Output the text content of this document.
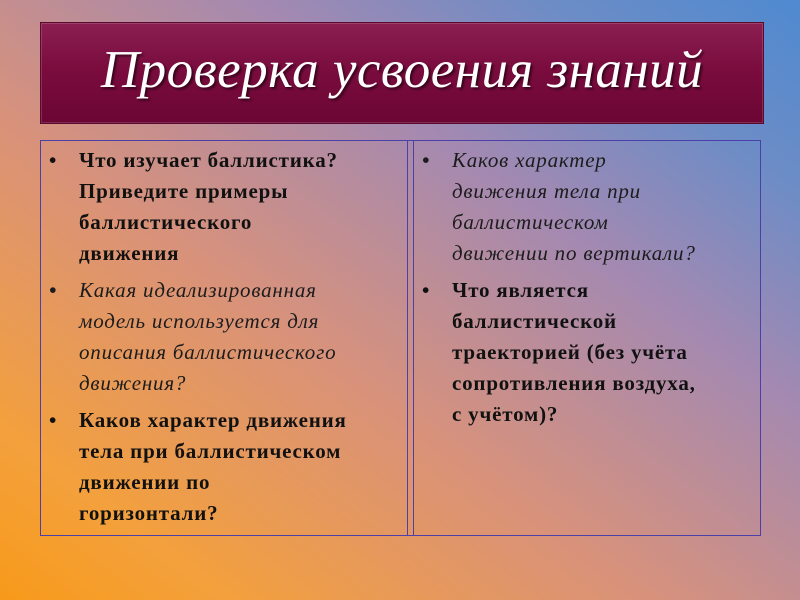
Проверка усвоения знаний
• Что изучает баллистика?
Приведите примеры
баллистического
движения
• Какая идеализированная
модель используется для
описания баллистического
движения?
• Каков характер движения
тела при баллистическом
движении по
горизонтали?
• Каков характер
движения тела при
баллистическом
движении по вертикали?
• Что является
баллистической
траекторией (без учёта
сопротивления воздуха,
с учётом)?
